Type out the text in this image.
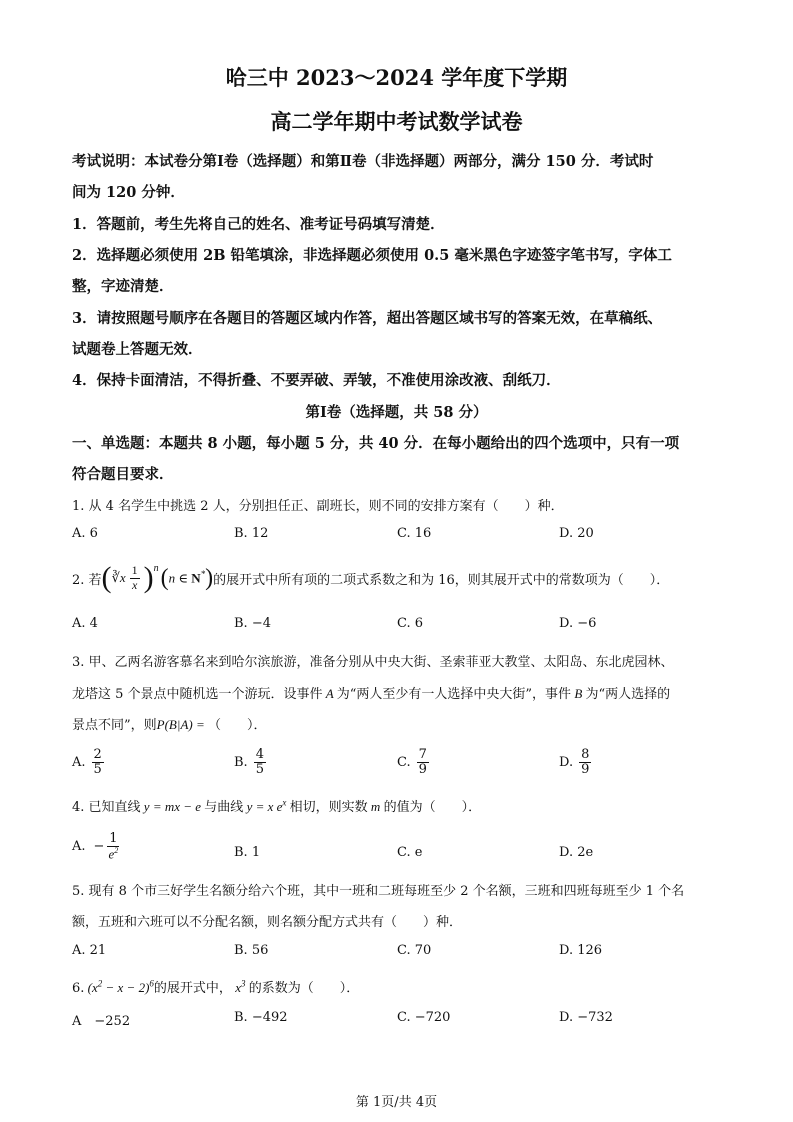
哈三中 2023～2024 学年度下学期
高二学年期中考试数学试卷
考试说明：本试卷分第Ⅰ卷（选择题）和第Ⅱ卷（非选择题）两部分，满分 150 分．考试时
间为 120 分钟．
1．答题前，考生先将自己的姓名、准考证号码填写清楚．
2．选择题必须使用 2B 铅笔填涂，非选择题必须使用 0.5 毫米黑色字迹签字笔书写，字体工
整，字迹清楚．
3．请按照题号顺序在各题目的答题区域内作答，超出答题区域书写的答案无效，在草稿纸、
试题卷上答题无效．
4．保持卡面清洁，不得折叠、不要弄破、弄皱，不准使用涂改液、刮纸刀．
第Ⅰ卷（选择题，共 58 分）
一、单选题：本题共 8 小题，每小题 5 分，共 40 分．在每小题给出的四个选项中，只有一项
符合题目要求．
1. 从 4 名学生中挑选 2 人，分别担任正、副班长，则不同的安排方案有（　　）种．
A. 6	B. 12	C. 16	D. 20
2. 若 ( ∛x $\frac{1}{x} )^n$ ( n ∈ N* ) 的展开式中所有项的二项式系数之和为 16，则其展开式中的常数项为（　　）．
A. 4	B. −4	C. 6	D. −6
3. 甲、乙两名游客慕名来到哈尔滨旅游，准备分别从中央大街、圣索菲亚大教堂、太阳岛、东北虎园林、
龙塔这 5 个景点中随机选一个游玩．设事件 A 为“两人至少有一人选择中央大街”，事件 B 为“两人选择的
景点不同”，则P(B|A) = （　　）．
A. $\frac{2}{5}$	B. $\frac{4}{5}$	C. $\frac{7}{9}$	D. $\frac{8}{9}$
4. 已知直线 y = mx − e 与曲线 y = x $e^x$ 相切，则实数 m 的值为（　　）．
A. − $\frac{1}{e^2}$	B. 1	C. e	D. 2e
5. 现有 8 个市三好学生名额分给六个班，其中一班和二班每班至少 2 个名额，三班和四班每班至少 1 个名
额，五班和六班可以不分配名额，则名额分配方式共有（　　）种．
A. 21	B. 56	C. 70	D. 126
6. $(x^2 - x - 2)^6$的展开式中， $x^3$ 的系数为（　　）．
A　−252	B. −492	C. −720	D. −732
第 1页/共 4页
